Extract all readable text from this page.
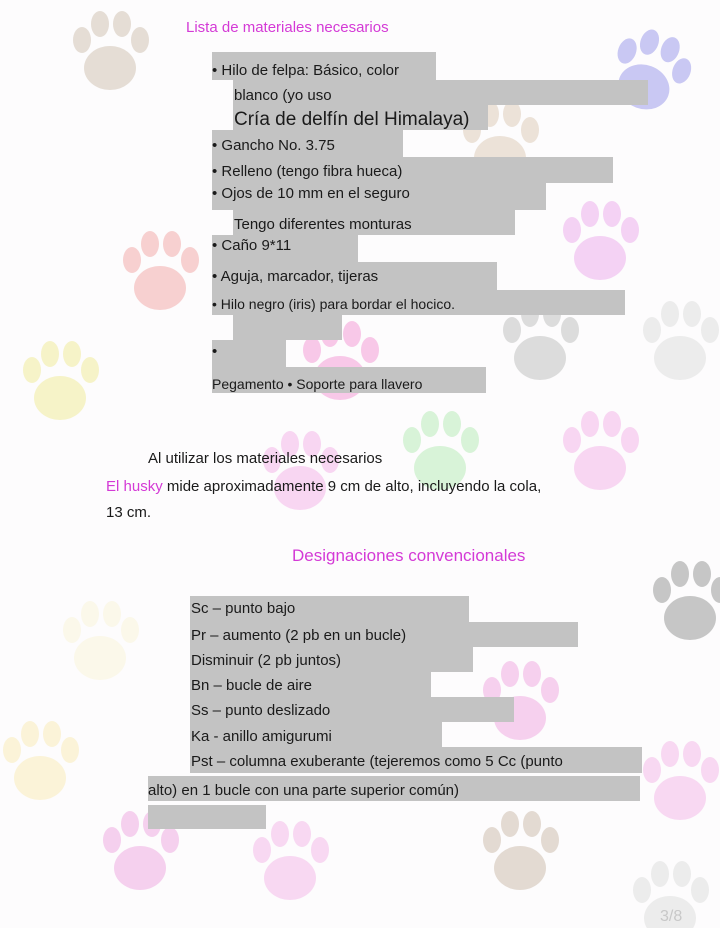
Lista de materiales necesarios
• Hilo de felpa: Básico, color
blanco (yo uso
Cría de delfín del Himalaya)
• Gancho No. 3.75
• Relleno (tengo fibra hueca)
• Ojos de 10 mm en el seguro
Tengo diferentes monturas
• Caño 9*11
• Aguja, marcador, tijeras
• Hilo negro (iris) para bordar el hocico.
•
Pegamento • Soporte para llavero
Al utilizar los materiales necesarios
El husky mide aproximadamente 9 cm de alto, incluyendo la cola,
13 cm.
Designaciones convencionales
Sc – punto bajo
Pr – aumento (2 pb en un bucle)
Disminuir (2 pb juntos)
Bn – bucle de aire
Ss – punto deslizado
Ka - anillo amigurumi
Pst – columna exuberante (tejeremos como 5 Cc (punto
alto) en 1 bucle con una parte superior común)
3/8
